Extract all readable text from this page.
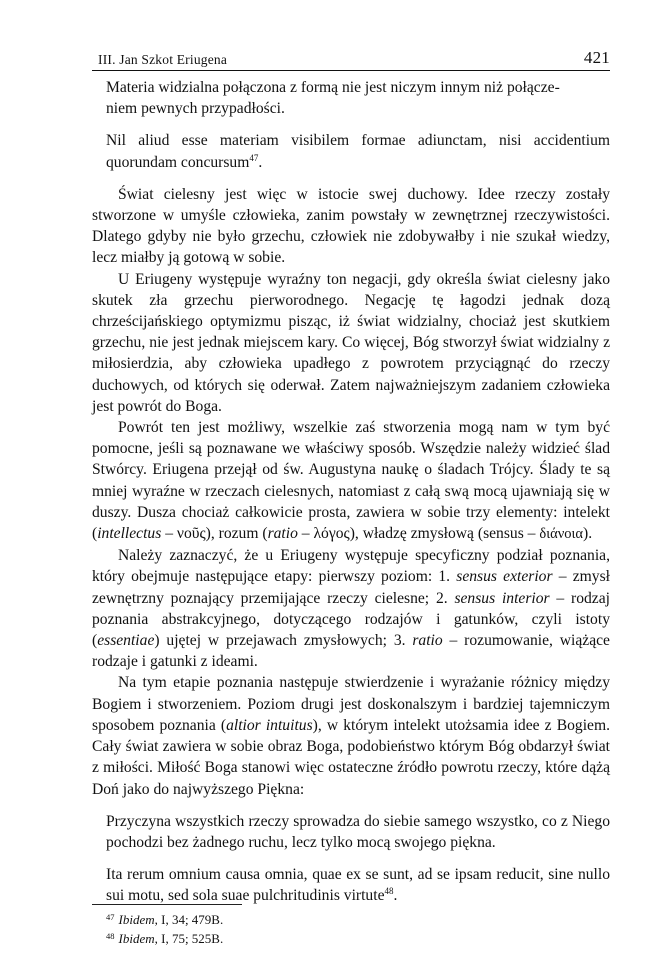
III. Jan Szkot Eriugena	421

Materia widzialna połączona z formą nie jest niczym innym niż połącze-
niem pewnych przypadłości.

Nil aliud esse materiam visibilem formae adiunctam, nisi accidentium quorundam concursum$^{47}$.

Świat cielesny jest więc w istocie swej duchowy. Idee rzeczy zostały stworzone w umyśle człowieka, zanim powstały w zewnętrznej rzeczywistości. Dlatego gdyby nie było grzechu, człowiek nie zdobywałby i nie szukał wiedzy, lecz miałby ją gotową w sobie.

U Eriugeny występuje wyraźny ton negacji, gdy określa świat cielesny jako skutek zła grzechu pierworodnego. Negację tę łagodzi jednak dozą chrześcijańskiego optymizmu pisząc, iż świat widzialny, chociaż jest skutkiem grzechu, nie jest jednak miejscem kary. Co więcej, Bóg stworzył świat widzialny z miłosierdzia, aby człowieka upadłego z powrotem przyciągnąć do rzeczy duchowych, od których się oderwał. Zatem najważniejszym zadaniem człowieka jest powrót do Boga.

Powrót ten jest możliwy, wszelkie zaś stworzenia mogą nam w tym być pomocne, jeśli są poznawane we właściwy sposób. Wszędzie należy widzieć ślad Stwórcy. Eriugena przejął od św. Augustyna naukę o śladach Trójcy. Ślady te są mniej wyraźne w rzeczach cielesnych, natomiast z całą swą mocą ujawniają się w duszy. Dusza chociaż całkowicie prosta, zawiera w sobie trzy elementy: intelekt (intellectus – νοῦς), rozum (ratio – λόγος), władzę zmysłową (sensus – διάνοια).

Należy zaznaczyć, że u Eriugeny występuje specyficzny podział poznania, który obejmuje następujące etapy: pierwszy poziom: 1. sensus exterior – zmysł zewnętrzny poznający przemijające rzeczy cielesne; 2. sensus interior – rodzaj poznania abstrakcyjnego, dotyczącego rodzajów i gatunków, czyli istoty (essentiae) ujętej w przejawach zmysłowych; 3. ratio – rozumowanie, wiążące rodzaje i gatunki z ideami.

Na tym etapie poznania następuje stwierdzenie i wyrażanie różnicy między Bogiem i stworzeniem. Poziom drugi jest doskonalszym i bardziej tajemniczym sposobem poznania (altior intuitus), w którym intelekt utożsamia idee z Bogiem. Cały świat zawiera w sobie obraz Boga, podobieństwo którym Bóg obdarzył świat z miłości. Miłość Boga stanowi więc ostateczne źródło powrotu rzeczy, które dążą Doń jako do najwyższego Piękna:

Przyczyna wszystkich rzeczy sprowadza do siebie samego wszystko, co z Niego pochodzi bez żadnego ruchu, lecz tylko mocą swojego piękna.

Ita rerum omnium causa omnia, quae ex se sunt, ad se ipsam reducit, sine nullo sui motu, sed sola suae pulchritudinis virtute$^{48}$.

$^{47}$ Ibidem, I, 34; 479B.
$^{48}$ Ibidem, I, 75; 525B.
